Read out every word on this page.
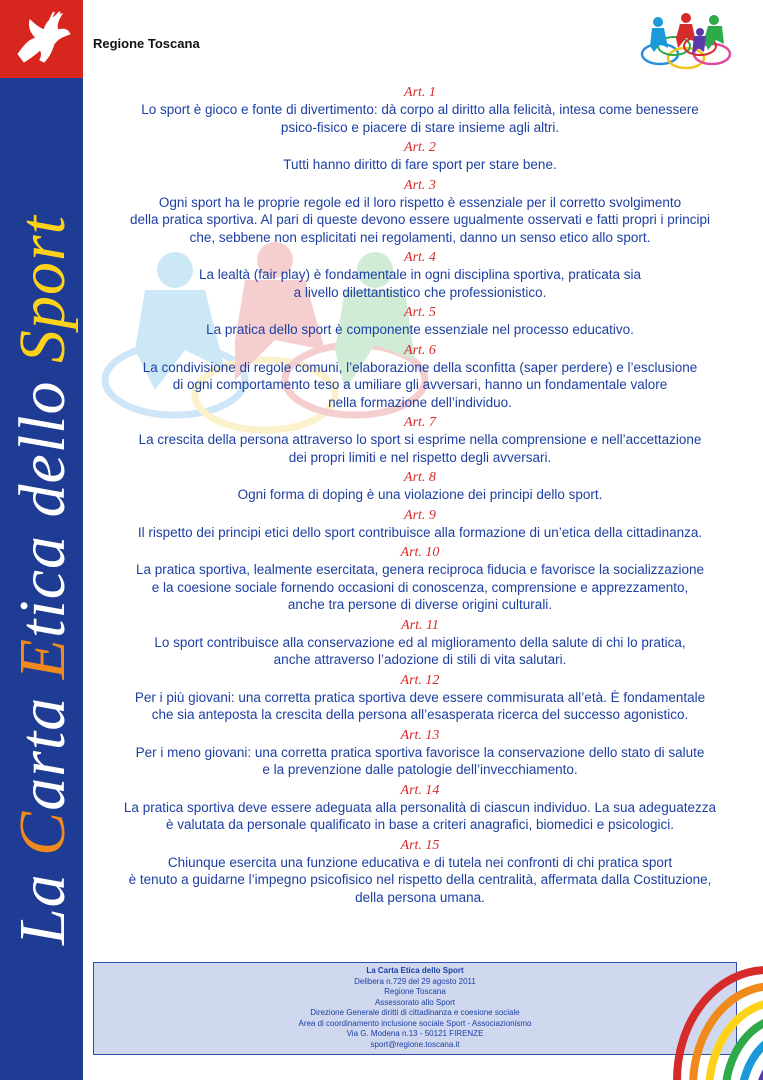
La Carta Etica dello Sport
Regione Toscana
Art. 1
Lo sport è gioco e fonte di divertimento: dà corpo al diritto alla felicità, intesa come benessere
psico-fisico e piacere di stare insieme agli altri.
Art. 2
Tutti hanno diritto di fare sport per stare bene.
Art. 3
Ogni sport ha le proprie regole ed il loro rispetto è essenziale per il corretto svolgimento
della pratica sportiva. Al pari di queste devono essere ugualmente osservati e fatti propri i principi
che, sebbene non esplicitati nei regolamenti, danno un senso etico allo sport.
Art. 4
La lealtà (fair play) è fondamentale in ogni disciplina sportiva, praticata sia
a livello dilettantistico che professionistico.
Art. 5
La pratica dello sport è componente essenziale nel processo educativo.
Art. 6
La condivisione di regole comuni, l’elaborazione della sconfitta (saper perdere) e l’esclusione
di ogni comportamento teso a umiliare gli avversari, hanno un fondamentale valore
nella formazione dell’individuo.
Art. 7
La crescita della persona attraverso lo sport si esprime nella comprensione e nell’accettazione
dei propri limiti e nel rispetto degli avversari.
Art. 8
Ogni forma di doping è una violazione dei principi dello sport.
Art. 9
Il rispetto dei principi etici dello sport contribuisce alla formazione di un’etica della cittadinanza.
Art. 10
La pratica sportiva, lealmente esercitata, genera reciproca fiducia e favorisce la socializzazione
e la coesione sociale fornendo occasioni di conoscenza, comprensione e apprezzamento,
anche tra persone di diverse origini culturali.
Art. 11
Lo sport contribuisce alla conservazione ed al miglioramento della salute di chi lo pratica,
anche attraverso l’adozione di stili di vita salutari.
Art. 12
Per i più giovani: una corretta pratica sportiva deve essere commisurata all’età. È fondamentale
che sia anteposta la crescita della persona all’esasperata ricerca del successo agonistico.
Art. 13
Per i meno giovani: una corretta pratica sportiva favorisce la conservazione dello stato di salute
e la prevenzione dalle patologie dell’invecchiamento.
Art. 14
La pratica sportiva deve essere adeguata alla personalità di ciascun individuo. La sua adeguatezza
è valutata da personale qualificato in base a criteri anagrafici, biomedici e psicologici.
Art. 15
Chiunque esercita una funzione educativa e di tutela nei confronti di chi pratica sport
è tenuto a guidarne l’impegno psicofisico nel rispetto della centralità, affermata dalla Costituzione,
della persona umana.
La Carta Etica dello Sport
Delibera n.729 del 29 agosto 2011
Regione Toscana
Assessorato allo Sport
Direzione Generale diritti di cittadinanza e coesione sociale
Area di coordinamento inclusione sociale Sport - Associazionismo
Via G. Modena n.13 - 50121 FIRENZE
sport@regione.toscana.it
